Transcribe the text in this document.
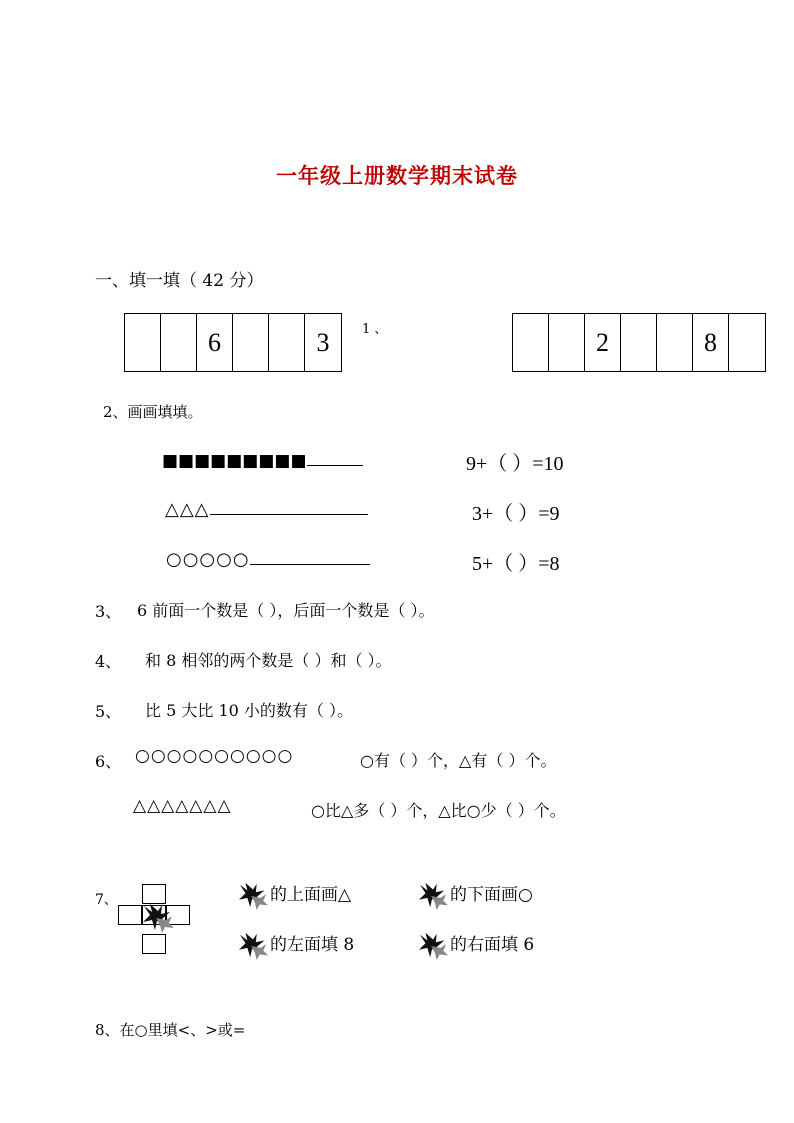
一年级上册数学期末试卷
一、填一填（ 42 分）
6	3	1 、	2	8
2、画画填填。
■■■■■■■■■	9+（ ）=10
△△△	3+（ ）=9
○○○○○	5+（ ）=8
3、 6 前面一个数是（ ），后面一个数是（ ）。
4、 和 8 相邻的两个数是（ ）和（ ）。
5、 比 5 大比 10 小的数有（ ）。
6、 ○○○○○○○○○○	○有（ ）个，△有（ ）个。
△△△△△△△	○比△多（ ）个，△比○少（ ）个。
7、	的上面画△	的下面画○
的左面填 8	的右面填 6
8、在○里填<、>或=
